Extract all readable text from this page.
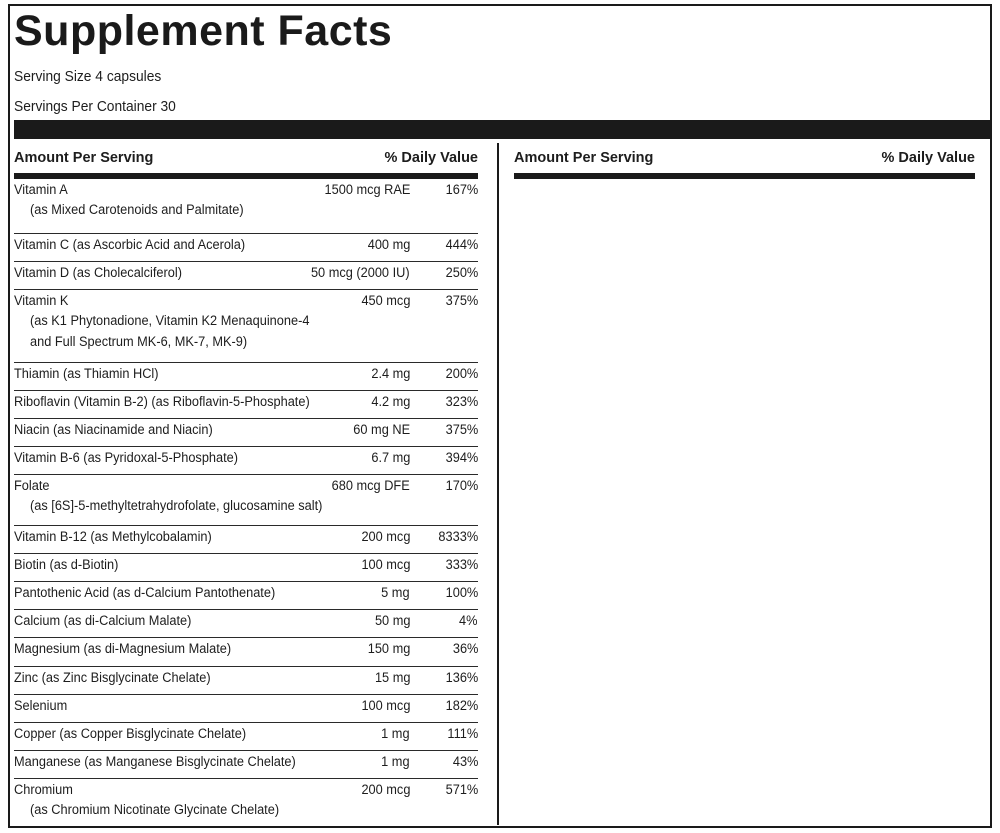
Supplement Facts
Serving Size 4 capsules
Servings Per Container 30
Amount Per Serving	% Daily Value
Vitamin A	1500 mcg RAE 167%
(as Mixed Carotenoids and Palmitate)
Vitamin C (as Ascorbic Acid and Acerola)	400 mg 444%
Vitamin D (as Cholecalciferol)	50 mcg (2000 IU) 250%
Vitamin K	450 mcg 375%
(as K1 Phytonadione, Vitamin K2 Menaquinone-4
and Full Spectrum MK-6, MK-7, MK-9)
Thiamin (as Thiamin HCl)	2.4 mg 200%
Riboflavin (Vitamin B-2) (as Riboflavin-5-Phosphate)	4.2 mg 323%
Niacin (as Niacinamide and Niacin)	60 mg NE 375%
Vitamin B-6 (as Pyridoxal-5-Phosphate)	6.7 mg 394%
Folate	680 mcg DFE 170%
(as [6S]-5-methyltetrahydrofolate, glucosamine salt)
Vitamin B-12 (as Methylcobalamin)	200 mcg 8333%
Biotin (as d-Biotin)	100 mcg 333%
Pantothenic Acid (as d-Calcium Pantothenate)	5 mg 100%
Calcium (as di-Calcium Malate)	50 mg	4%
Magnesium (as di-Magnesium Malate)	150 mg	36%
Zinc (as Zinc Bisglycinate Chelate)	15 mg 136%
Selenium	100 mcg 182%
Copper (as Copper Bisglycinate Chelate)	1 mg	111%
Manganese (as Manganese Bisglycinate Chelate)	1 mg	43%
Chromium	200 mcg 571%
(as Chromium Nicotinate Glycinate Chelate)
Amount Per Serving	% Daily Value
